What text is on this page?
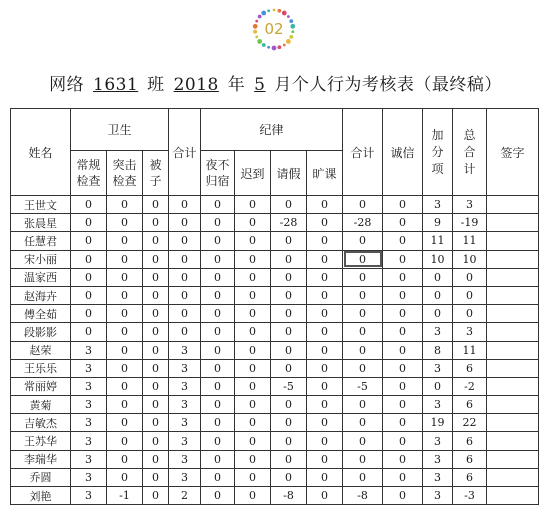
02
网络 1631 班 2018 年 5 月个人行为考核表（最终稿）
姓名	卫生			合计	纪律				合计	诚信	加分项	总合计	签字
	常规检查	突击检查	被子		夜不归宿	迟到	请假	旷课					
王世文	0	0	0	0	0	0	0	0	0	0	3	3	
张晨星	0	0	0	0	0	0	-28	0	-28	0	9	-19	
任慧君	0	0	0	0	0	0	0	0	0	0	11	11	
宋小丽	0	0	0	0	0	0	0	0	0	0	10	10	
温家西	0	0	0	0	0	0	0	0	0	0	0	0	
赵海卉	0	0	0	0	0	0	0	0	0	0	0	0	
傅全茹	0	0	0	0	0	0	0	0	0	0	0	0	
段影影	0	0	0	0	0	0	0	0	0	0	3	3	
赵荣	3	0	0	3	0	0	0	0	0	0	8	11	
王乐乐	3	0	0	3	0	0	0	0	0	0	3	6	
常丽婷	3	0	0	3	0	0	-5	0	-5	0	0	-2	
黄菊	3	0	0	3	0	0	0	0	0	0	3	6	
吉敏杰	3	0	0	3	0	0	0	0	0	0	19	22	
王苏华	3	0	0	3	0	0	0	0	0	0	3	6	
李瑞华	3	0	0	3	0	0	0	0	0	0	3	6	
乔圆	3	0	0	3	0	0	0	0	0	0	3	6	
刘艳	3	-1	0	2	0	0	-8	0	-8	0	3	-3	
